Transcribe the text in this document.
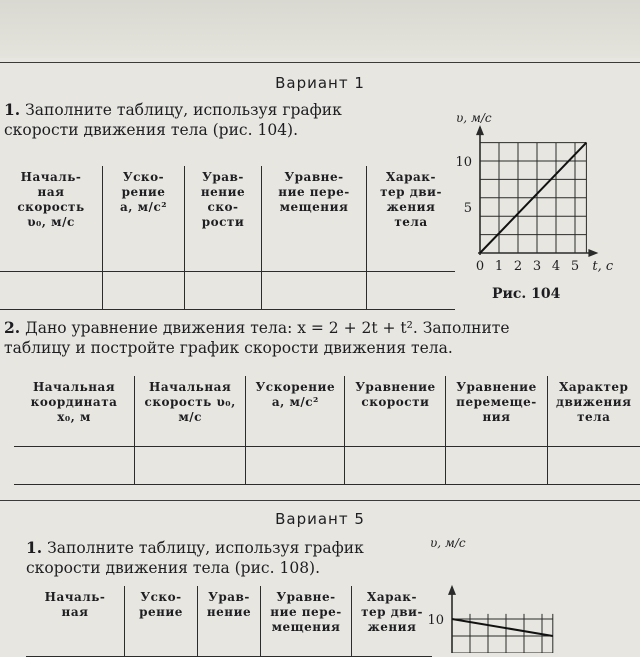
Вариант 1
1. Заполните таблицу, используя график
скорости движения тела (рис. 104).
Началь-
ная
скорость
υ₀, м/с	Уско-
рение
a, м/с²	Урав-
нение
ско-
рости	Уравне-
ние пере-
мещения	Харак-
тер дви-
жения
тела

υ, м/с
5
10
0 1 2 3 4 5 t, с
Рис. 104
2. Дано уравнение движения тела: x = 2 + 2t + t². Заполните
таблицу и постройте график скорости движения тела.
Начальная
координата
x₀, м	Начальная
скорость υ₀,
м/с	Ускорение
a, м/с²	Уравнение
скорости	Уравнение
перемеще-
ния	Характер
движения
тела

Вариант 5
1. Заполните таблицу, используя график
скорости движения тела (рис. 108).
Началь-
ная

Уско-
рение

Урав-
нение

Уравне-
ние пере-
мещения

Харак-
тер дви-
жения
υ, м/с
10
